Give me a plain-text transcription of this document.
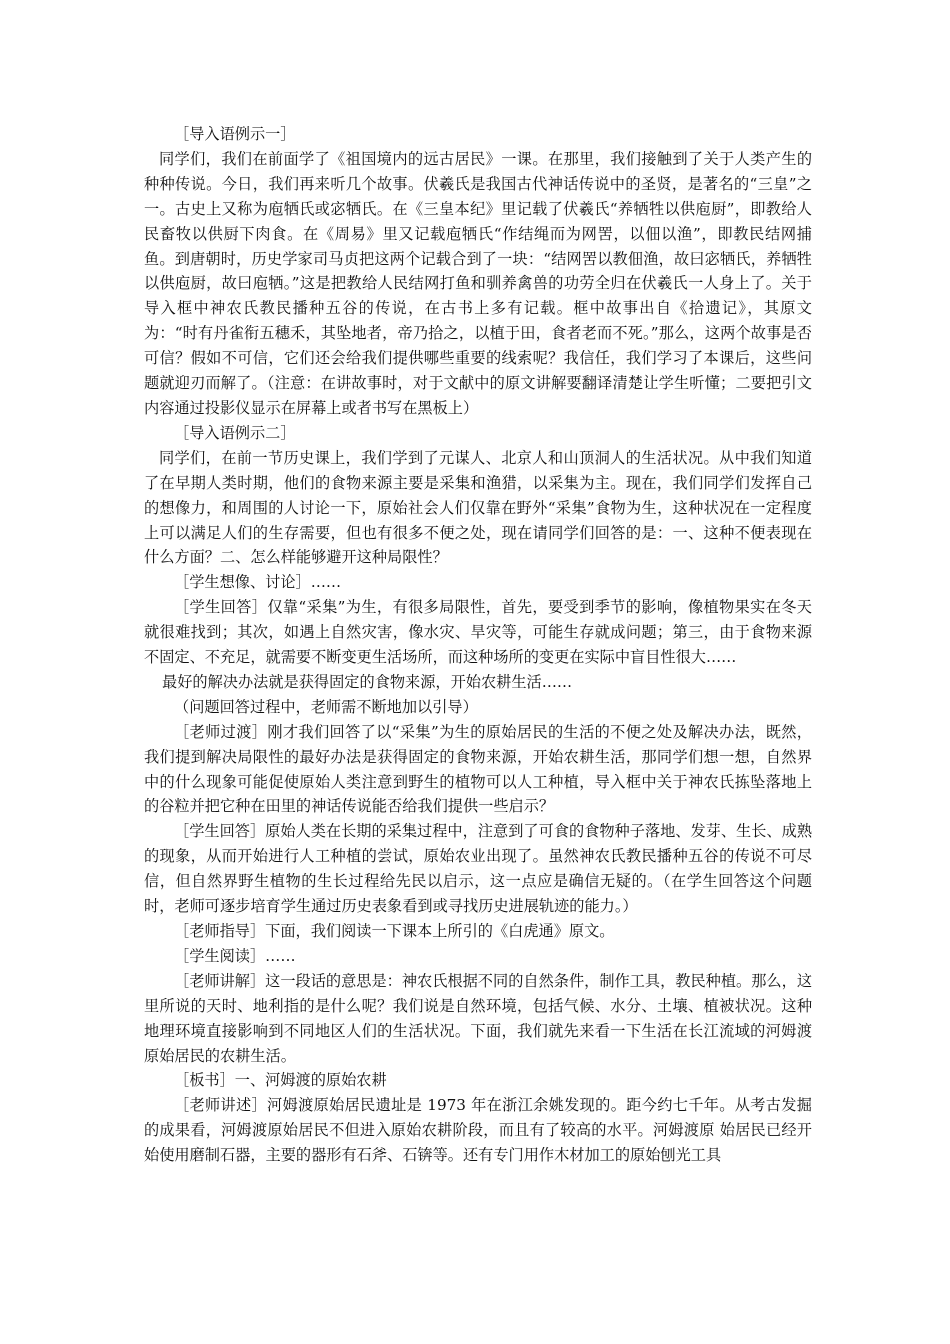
［导入语例示一］

同学们，我们在前面学了《祖国境内的远古居民》一课。在那里，我们接触到了关于人类产生的种种传说。今日，我们再来听几个故事。伏羲氏是我国古代神话传说中的圣贤，是著名的“三皇”之一。古史上又称为庖牺氏或宓牺氏。在《三皇本纪》里记载了伏羲氏“养牺牲以供庖厨”，即教给人民畜牧以供厨下肉食。在《周易》里又记载庖牺氏“作结绳而为网罟，以佃以渔”，即教民结网捕鱼。到唐朝时，历史学家司马贞把这两个记载合到了一块：“结网罟以教佃渔，故曰宓牺氏，养牺牲以供庖厨，故曰庖牺。”这是把教给人民结网打鱼和驯养禽兽的功劳全归在伏羲氏一人身上了。关于导入框中神农氏教民播种五谷的传说，在古书上多有记载。框中故事出自《拾遗记》，其原文为：“时有丹雀衔五穗禾，其坠地者，帝乃拾之，以植于田，食者老而不死。”那么，这两个故事是否可信？假如不可信，它们还会给我们提供哪些重要的线索呢？我信任，我们学习了本课后，这些问题就迎刃而解了。（注意：在讲故事时，对于文献中的原文讲解要翻译清楚让学生听懂；二要把引文内容通过投影仪显示在屏幕上或者书写在黑板上）

［导入语例示二］

同学们，在前一节历史课上，我们学到了元谋人、北京人和山顶洞人的生活状况。从中我们知道了在早期人类时期，他们的食物来源主要是采集和渔猎，以采集为主。现在，我们同学们发挥自己的想像力，和周围的人讨论一下，原始社会人们仅靠在野外“采集”食物为生，这种状况在一定程度上可以满足人们的生存需要，但也有很多不便之处，现在请同学们回答的是：一、这种不便表现在什么方面？二、怎么样能够避开这种局限性？

［学生想像、讨论］……

［学生回答］仅靠“采集”为生，有很多局限性，首先，要受到季节的影响，像植物果实在冬天就很难找到；其次，如遇上自然灾害，像水灾、旱灾等，可能生存就成问题；第三，由于食物来源不固定、不充足，就需要不断变更生活场所，而这种场所的变更在实际中盲目性很大……

最好的解决办法就是获得固定的食物来源，开始农耕生活……

（问题回答过程中，老师需不断地加以引导）

［老师过渡］刚才我们回答了以“采集”为生的原始居民的生活的不便之处及解决办法，既然，我们提到解决局限性的最好办法是获得固定的食物来源，开始农耕生活，那同学们想一想，自然界中的什么现象可能促使原始人类注意到野生的植物可以人工种植，导入框中关于神农氏拣坠落地上的谷粒并把它种在田里的神话传说能否给我们提供一些启示？

［学生回答］原始人类在长期的采集过程中，注意到了可食的食物种子落地、发芽、生长、成熟的现象，从而开始进行人工种植的尝试，原始农业出现了。虽然神农氏教民播种五谷的传说不可尽信，但自然界野生植物的生长过程给先民以启示，这一点应是确信无疑的。（在学生回答这个问题时，老师可逐步培育学生通过历史表象看到或寻找历史进展轨迹的能力。）

［老师指导］下面，我们阅读一下课本上所引的《白虎通》原文。

［学生阅读］……

［老师讲解］这一段话的意思是：神农氏根据不同的自然条件，制作工具，教民种植。那么，这里所说的天时、地利指的是什么呢？我们说是自然环境，包括气候、水分、土壤、植被状况。这种地理环境直接影响到不同地区人们的生活状况。下面，我们就先来看一下生活在长江流域的河姆渡原始居民的农耕生活。

［板书］一、河姆渡的原始农耕

［老师讲述］河姆渡原始居民遗址是 1973 年在浙江余姚发现的。距今约七千年。从考古发掘的成果看，河姆渡原始居民不但进入原始农耕阶段，而且有了较高的水平。河姆渡原 始居民已经开始使用磨制石器，主要的器形有石斧、石锛等。还有专门用作木材加工的原始刨光工具
